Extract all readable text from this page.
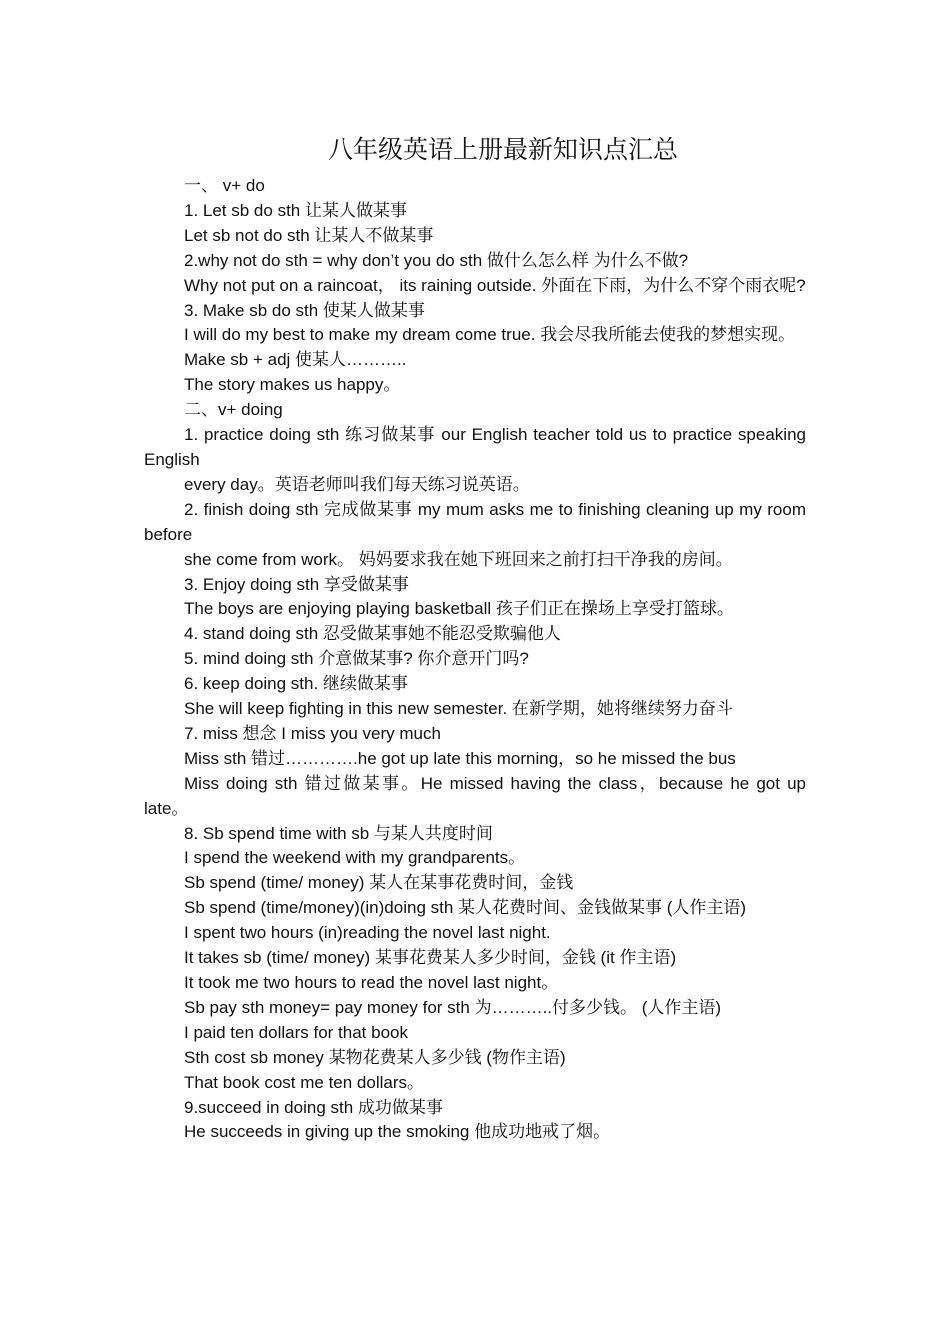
八年级英语上册最新知识点汇总

一、 v+ do

1. Let sb do sth 让某人做某事

Let sb not do sth 让某人不做某事

2.why not do sth = why don’t you do sth 做什么怎么样 为什么不做?

Why not put on a raincoat， its raining outside. 外面在下雨，为什么不穿个雨衣呢?

3. Make sb do sth 使某人做某事

I will do my best to make my dream come true. 我会尽我所能去使我的梦想实现。

Make sb + adj 使某人………..

The story makes us happy。

二、v+ doing

1. practice doing sth 练习做某事 our English teacher told us to practice speaking English

every day。英语老师叫我们每天练习说英语。

2. finish doing sth 完成做某事 my mum asks me to finishing cleaning up my room before

she come from work。 妈妈要求我在她下班回来之前打扫干净我的房间。

3. Enjoy doing sth 享受做某事

The boys are enjoying playing basketball 孩子们正在操场上享受打篮球。

4. stand doing sth 忍受做某事她不能忍受欺骗他人

5. mind doing sth 介意做某事? 你介意开门吗?

6. keep doing sth. 继续做某事

She will keep fighting in this new semester. 在新学期，她将继续努力奋斗

7. miss 想念 I miss you very much

Miss sth 错过………….he got up late this morning，so he missed the bus

Miss doing sth 错过做某事。He missed having the class，because he got up late。

8. Sb spend time with sb 与某人共度时间

I spend the weekend with my grandparents。

Sb spend (time/ money) 某人在某事花费时间，金钱

Sb spend (time/money)(in)doing sth 某人花费时间、金钱做某事 (人作主语)

I spent two hours (in)reading the novel last night.

It takes sb (time/ money) 某事花费某人多少时间，金钱 (it 作主语)

It took me two hours to read the novel last night。

Sb pay sth money= pay money for sth 为………..付多少钱。 (人作主语)

I paid ten dollars for that book

Sth cost sb money 某物花费某人多少钱 (物作主语)

That book cost me ten dollars。

9.succeed in doing sth 成功做某事

He succeeds in giving up the smoking 他成功地戒了烟。
